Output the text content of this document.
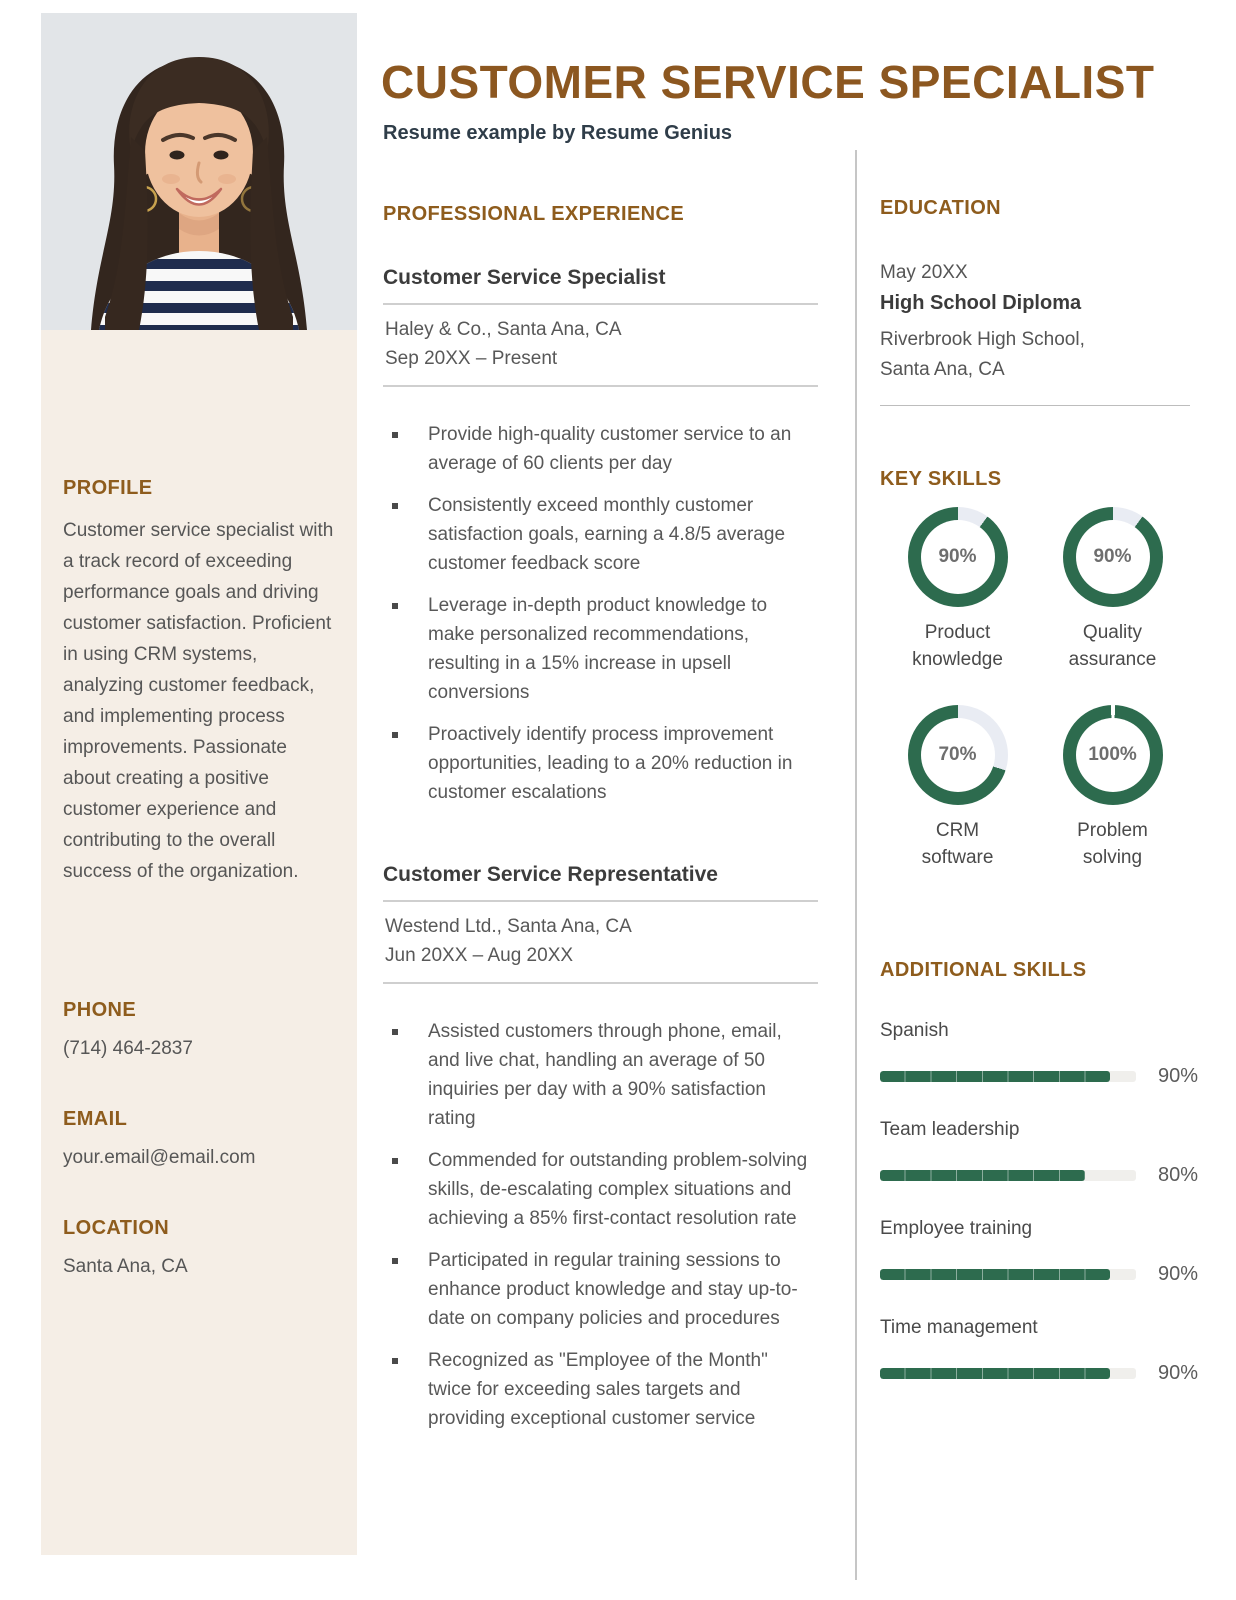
PROFILE

Customer service specialist with a track record of exceeding performance goals and driving customer satisfaction. Proficient in using CRM systems, analyzing customer feedback, and implementing process improvements. Passionate about creating a positive customer experience and contributing to the overall success of the organization.

PHONE

(714) 464-2837

EMAIL

your.email@email.com

LOCATION

Santa Ana, CA

CUSTOMER SERVICE SPECIALIST
Resume example by Resume Genius
PROFESSIONAL EXPERIENCE
Customer Service Specialist
Haley & Co., Santa Ana, CA
Sep 20XX – Present
Provide high-quality customer service to an average of 60 clients per day
Consistently exceed monthly customer satisfaction goals, earning a 4.8/5 average customer feedback score
Leverage in-depth product knowledge to make personalized recommendations, resulting in a 15% increase in upsell conversions
Proactively identify process improvement opportunities, leading to a 20% reduction in customer escalations
Customer Service Representative
Westend Ltd., Santa Ana, CA
Jun 20XX – Aug 20XX
Assisted customers through phone, email, and live chat, handling an average of 50 inquiries per day with a 90% satisfaction rating
Commended for outstanding problem-solving skills, de-escalating complex situations and achieving a 85% first-contact resolution rate
Participated in regular training sessions to enhance product knowledge and stay up-to-date on company policies and procedures
Recognized as "Employee of the Month" twice for exceeding sales targets and providing exceptional customer service
EDUCATION
May 20XX
High School Diploma
Riverbrook High School, Santa Ana, CA
KEY SKILLS
90%
Product knowledge
90%
Quality assurance
70%
CRM software
100%
Problem solving
ADDITIONAL SKILLS
Spanish
90%
Team leadership
80%
Employee training
90%
Time management
90%
